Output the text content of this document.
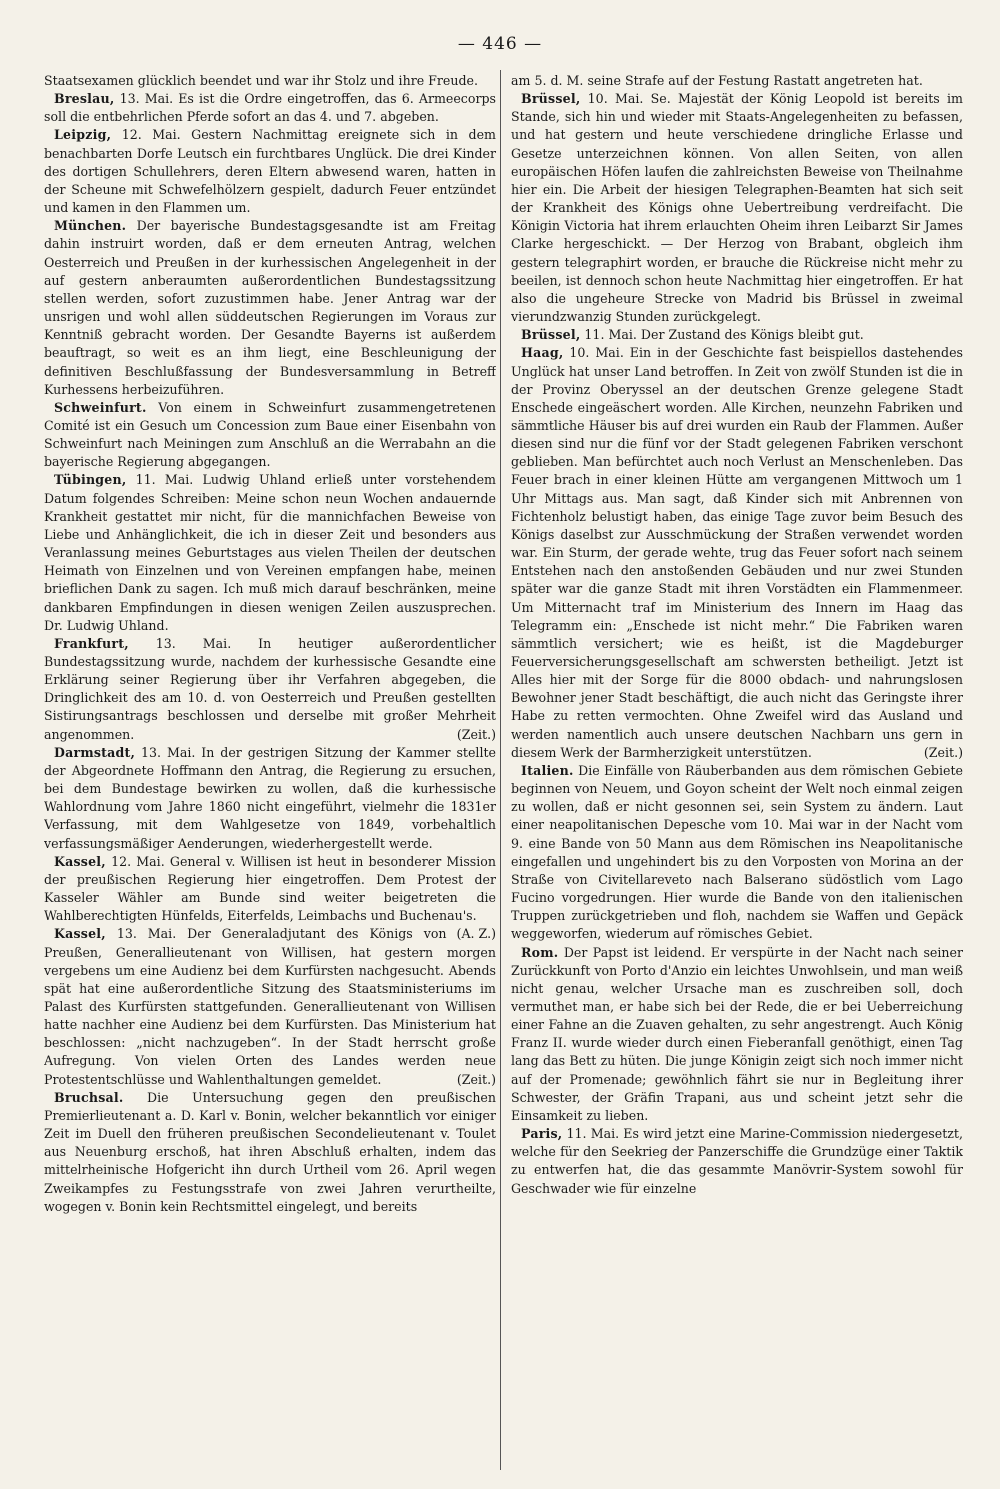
— 446 —

Staatsexamen glücklich beendet und war ihr Stolz und ihre Freude.

Breslau, 13. Mai. Es ist die Ordre eingetroffen, das 6. Armeecorps soll die entbehrlichen Pferde sofort an das 4. und 7. abgeben.

Leipzig, 12. Mai. Gestern Nachmittag ereignete sich in dem benachbarten Dorfe Leutsch ein furchtbares Unglück. Die drei Kinder des dortigen Schullehrers, deren Eltern abwesend waren, hatten in der Scheune mit Schwefelhölzern gespielt, dadurch Feuer entzündet und kamen in den Flammen um.

München. Der bayerische Bundestagsgesandte ist am Freitag dahin instruirt worden, daß er dem erneuten Antrag, welchen Oesterreich und Preußen in der kurhessischen Angelegenheit in der auf gestern anberaumten außerordentlichen Bundestagssitzung stellen werden, sofort zuzustimmen habe. Jener Antrag war der unsrigen und wohl allen süddeutschen Regierungen im Voraus zur Kenntniß gebracht worden. Der Gesandte Bayerns ist außerdem beauftragt, so weit es an ihm liegt, eine Beschleunigung der definitiven Beschlußfassung der Bundesversammlung in Betreff Kurhessens herbeizuführen.

Schweinfurt. Von einem in Schweinfurt zusammengetretenen Comité ist ein Gesuch um Concession zum Baue einer Eisenbahn von Schweinfurt nach Meiningen zum Anschluß an die Werrabahn an die bayerische Regierung abgegangen.

Tübingen, 11. Mai. Ludwig Uhland erließ unter vorstehendem Datum folgendes Schreiben: Meine schon neun Wochen andauernde Krankheit gestattet mir nicht, für die mannichfachen Beweise von Liebe und Anhänglichkeit, die ich in dieser Zeit und besonders aus Veranlassung meines Geburtstages aus vielen Theilen der deutschen Heimath von Einzelnen und von Vereinen empfangen habe, meinen brieflichen Dank zu sagen. Ich muß mich darauf beschränken, meine dankbaren Empfindungen in diesen wenigen Zeilen auszusprechen. Dr. Ludwig Uhland.

Frankfurt, 13. Mai. In heutiger außerordentlicher Bundestagssitzung wurde, nachdem der kurhessische Gesandte eine Erklärung seiner Regierung über ihr Verfahren abgegeben, die Dringlichkeit des am 10. d. von Oesterreich und Preußen gestellten Sistirungsantrags beschlossen und derselbe mit großer Mehrheit angenommen.	(Zeit.)

Darmstadt, 13. Mai. In der gestrigen Sitzung der Kammer stellte der Abgeordnete Hoffmann den Antrag, die Regierung zu ersuchen, bei dem Bundestage bewirken zu wollen, daß die kurhessische Wahlordnung vom Jahre 1860 nicht eingeführt, vielmehr die 1831er Verfassung, mit dem Wahlgesetze von 1849, vorbehaltlich verfassungsmäßiger Aenderungen, wiederhergestellt werde.

Kassel, 12. Mai. General v. Willisen ist heut in besonderer Mission der preußischen Regierung hier eingetroffen. Dem Protest der Kasseler Wähler am Bunde sind weiter beigetreten die Wahlberechtigten Hünfelds, Eiterfelds, Leimbachs und Buchenau's.
(A. Z.)

Kassel, 13. Mai. Der Generaladjutant des Königs von Preußen, Generallieutenant von Willisen, hat gestern morgen vergebens um eine Audienz bei dem Kurfürsten nachgesucht. Abends spät hat eine außerordentliche Sitzung des Staatsministeriums im Palast des Kurfürsten stattgefunden. Generallieutenant von Willisen hatte nachher eine Audienz bei dem Kurfürsten. Das Ministerium hat beschlossen: „nicht nachzugeben“. In der Stadt herrscht große Aufregung. Von vielen Orten des Landes werden neue Protestentschlüsse und Wahlenthaltungen gemeldet.	(Zeit.)

Bruchsal. Die Untersuchung gegen den preußischen Premierlieutenant a. D. Karl v. Bonin, welcher bekanntlich vor einiger Zeit im Duell den früheren preußischen Secondelieutenant v. Toulet aus Neuenburg erschoß, hat ihren Abschluß erhalten, indem das mittelrheinische Hofgericht ihn durch Urtheil vom 26. April wegen Zweikampfes zu Festungsstrafe von zwei Jahren verurtheilte, wogegen v. Bonin kein Rechtsmittel eingelegt, und bereits

am 5. d. M. seine Strafe auf der Festung Rastatt angetreten hat.

Brüssel, 10. Mai. Se. Majestät der König Leopold ist bereits im Stande, sich hin und wieder mit Staats-Angelegenheiten zu befassen, und hat gestern und heute verschiedene dringliche Erlasse und Gesetze unterzeichnen können. Von allen Seiten, von allen europäischen Höfen laufen die zahlreichsten Beweise von Theilnahme hier ein. Die Arbeit der hiesigen Telegraphen-Beamten hat sich seit der Krankheit des Königs ohne Uebertreibung verdreifacht. Die Königin Victoria hat ihrem erlauchten Oheim ihren Leibarzt Sir James Clarke hergeschickt. — Der Herzog von Brabant, obgleich ihm gestern telegraphirt worden, er brauche die Rückreise nicht mehr zu beeilen, ist dennoch schon heute Nachmittag hier eingetroffen. Er hat also die ungeheure Strecke von Madrid bis Brüssel in zweimal vierundzwanzig Stunden zurückgelegt.

Brüssel, 11. Mai. Der Zustand des Königs bleibt gut.

Haag, 10. Mai. Ein in der Geschichte fast beispiellos dastehendes Unglück hat unser Land betroffen. In Zeit von zwölf Stunden ist die in der Provinz Oberyssel an der deutschen Grenze gelegene Stadt Enschede eingeäschert worden. Alle Kirchen, neunzehn Fabriken und sämmtliche Häuser bis auf drei wurden ein Raub der Flammen. Außer diesen sind nur die fünf vor der Stadt gelegenen Fabriken verschont geblieben. Man befürchtet auch noch Verlust an Menschenleben. Das Feuer brach in einer kleinen Hütte am vergangenen Mittwoch um 1 Uhr Mittags aus. Man sagt, daß Kinder sich mit Anbrennen von Fichtenholz belustigt haben, das einige Tage zuvor beim Besuch des Königs daselbst zur Ausschmückung der Straßen verwendet worden war. Ein Sturm, der gerade wehte, trug das Feuer sofort nach seinem Entstehen nach den anstoßenden Gebäuden und nur zwei Stunden später war die ganze Stadt mit ihren Vorstädten ein Flammenmeer. Um Mitternacht traf im Ministerium des Innern im Haag das Telegramm ein: „Enschede ist nicht mehr.“ Die Fabriken waren sämmtlich versichert; wie es heißt, ist die Magdeburger Feuerversicherungsgesellschaft am schwersten betheiligt. Jetzt ist Alles hier mit der Sorge für die 8000 obdach- und nahrungslosen Bewohner jener Stadt beschäftigt, die auch nicht das Geringste ihrer Habe zu retten vermochten. Ohne Zweifel wird das Ausland und werden namentlich auch unsere deutschen Nachbarn uns gern in diesem Werk der Barmherzigkeit unterstützen.	(Zeit.)

Italien. Die Einfälle von Räuberbanden aus dem römischen Gebiete beginnen von Neuem, und Goyon scheint der Welt noch einmal zeigen zu wollen, daß er nicht gesonnen sei, sein System zu ändern. Laut einer neapolitanischen Depesche vom 10. Mai war in der Nacht vom 9. eine Bande von 50 Mann aus dem Römischen ins Neapolitanische eingefallen und ungehindert bis zu den Vorposten von Morina an der Straße von Civitellareveto nach Balserano südöstlich vom Lago Fucino vorgedrungen. Hier wurde die Bande von den italienischen Truppen zurückgetrieben und floh, nachdem sie Waffen und Gepäck weggeworfen, wiederum auf römisches Gebiet.

Rom. Der Papst ist leidend. Er verspürte in der Nacht nach seiner Zurückkunft von Porto d'Anzio ein leichtes Unwohlsein, und man weiß nicht genau, welcher Ursache man es zuschreiben soll, doch vermuthet man, er habe sich bei der Rede, die er bei Ueberreichung einer Fahne an die Zuaven gehalten, zu sehr angestrengt. Auch König Franz II. wurde wieder durch einen Fieberanfall genöthigt, einen Tag lang das Bett zu hüten. Die junge Königin zeigt sich noch immer nicht auf der Promenade; gewöhnlich fährt sie nur in Begleitung ihrer Schwester, der Gräfin Trapani, aus und scheint jetzt sehr die Einsamkeit zu lieben.

Paris, 11. Mai. Es wird jetzt eine Marine-Commission niedergesetzt, welche für den Seekrieg der Panzerschiffe die Grundzüge einer Taktik zu entwerfen hat, die das gesammte Manövrir-System sowohl für Geschwader wie für einzelne
